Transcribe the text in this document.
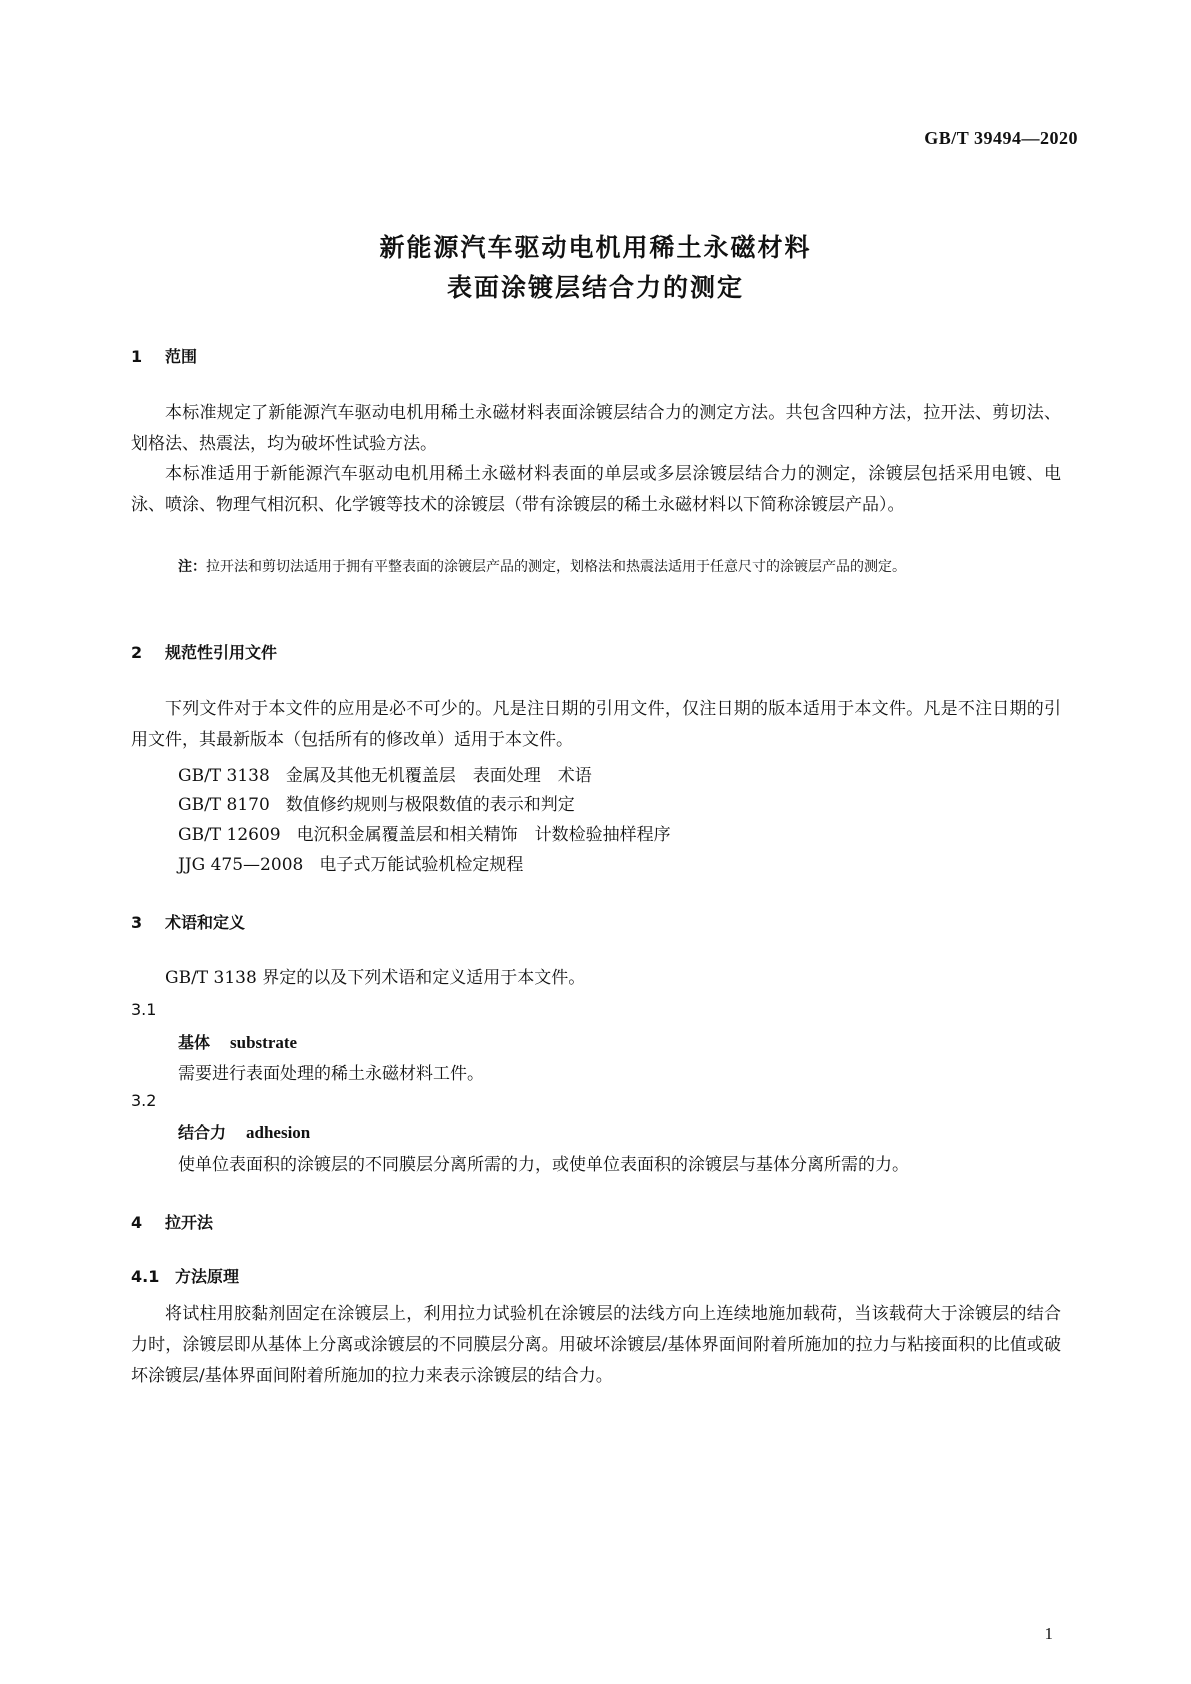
GB/T 39494—2020
新能源汽车驱动电机用稀土永磁材料
表面涂镀层结合力的测定
1 范围
本标准规定了新能源汽车驱动电机用稀土永磁材料表面涂镀层结合力的测定方法。共包含四种方法，拉开法、剪切法、划格法、热震法，均为破坏性试验方法。
本标准适用于新能源汽车驱动电机用稀土永磁材料表面的单层或多层涂镀层结合力的测定，涂镀层包括采用电镀、电泳、喷涂、物理气相沉积、化学镀等技术的涂镀层（带有涂镀层的稀土永磁材料以下简称涂镀层产品）。
注：拉开法和剪切法适用于拥有平整表面的涂镀层产品的测定，划格法和热震法适用于任意尺寸的涂镀层产品的测定。
2 规范性引用文件
下列文件对于本文件的应用是必不可少的。凡是注日期的引用文件，仅注日期的版本适用于本文件。凡是不注日期的引用文件，其最新版本（包括所有的修改单）适用于本文件。
GB/T 3138 金属及其他无机覆盖层　表面处理　术语
GB/T 8170 数值修约规则与极限数值的表示和判定
GB/T 12609 电沉积金属覆盖层和相关精饰　计数检验抽样程序
JJG 475—2008 电子式万能试验机检定规程
3 术语和定义
GB/T 3138 界定的以及下列术语和定义适用于本文件。
3.1
基体 substrate
需要进行表面处理的稀土永磁材料工件。
3.2
结合力 adhesion
使单位表面积的涂镀层的不同膜层分离所需的力，或使单位表面积的涂镀层与基体分离所需的力。
4 拉开法
4.1 方法原理
将试柱用胶黏剂固定在涂镀层上，利用拉力试验机在涂镀层的法线方向上连续地施加载荷，当该载荷大于涂镀层的结合力时，涂镀层即从基体上分离或涂镀层的不同膜层分离。用破坏涂镀层/基体界面间附着所施加的拉力与粘接面积的比值或破坏涂镀层/基体界面间附着所施加的拉力来表示涂镀层的结合力。
1
